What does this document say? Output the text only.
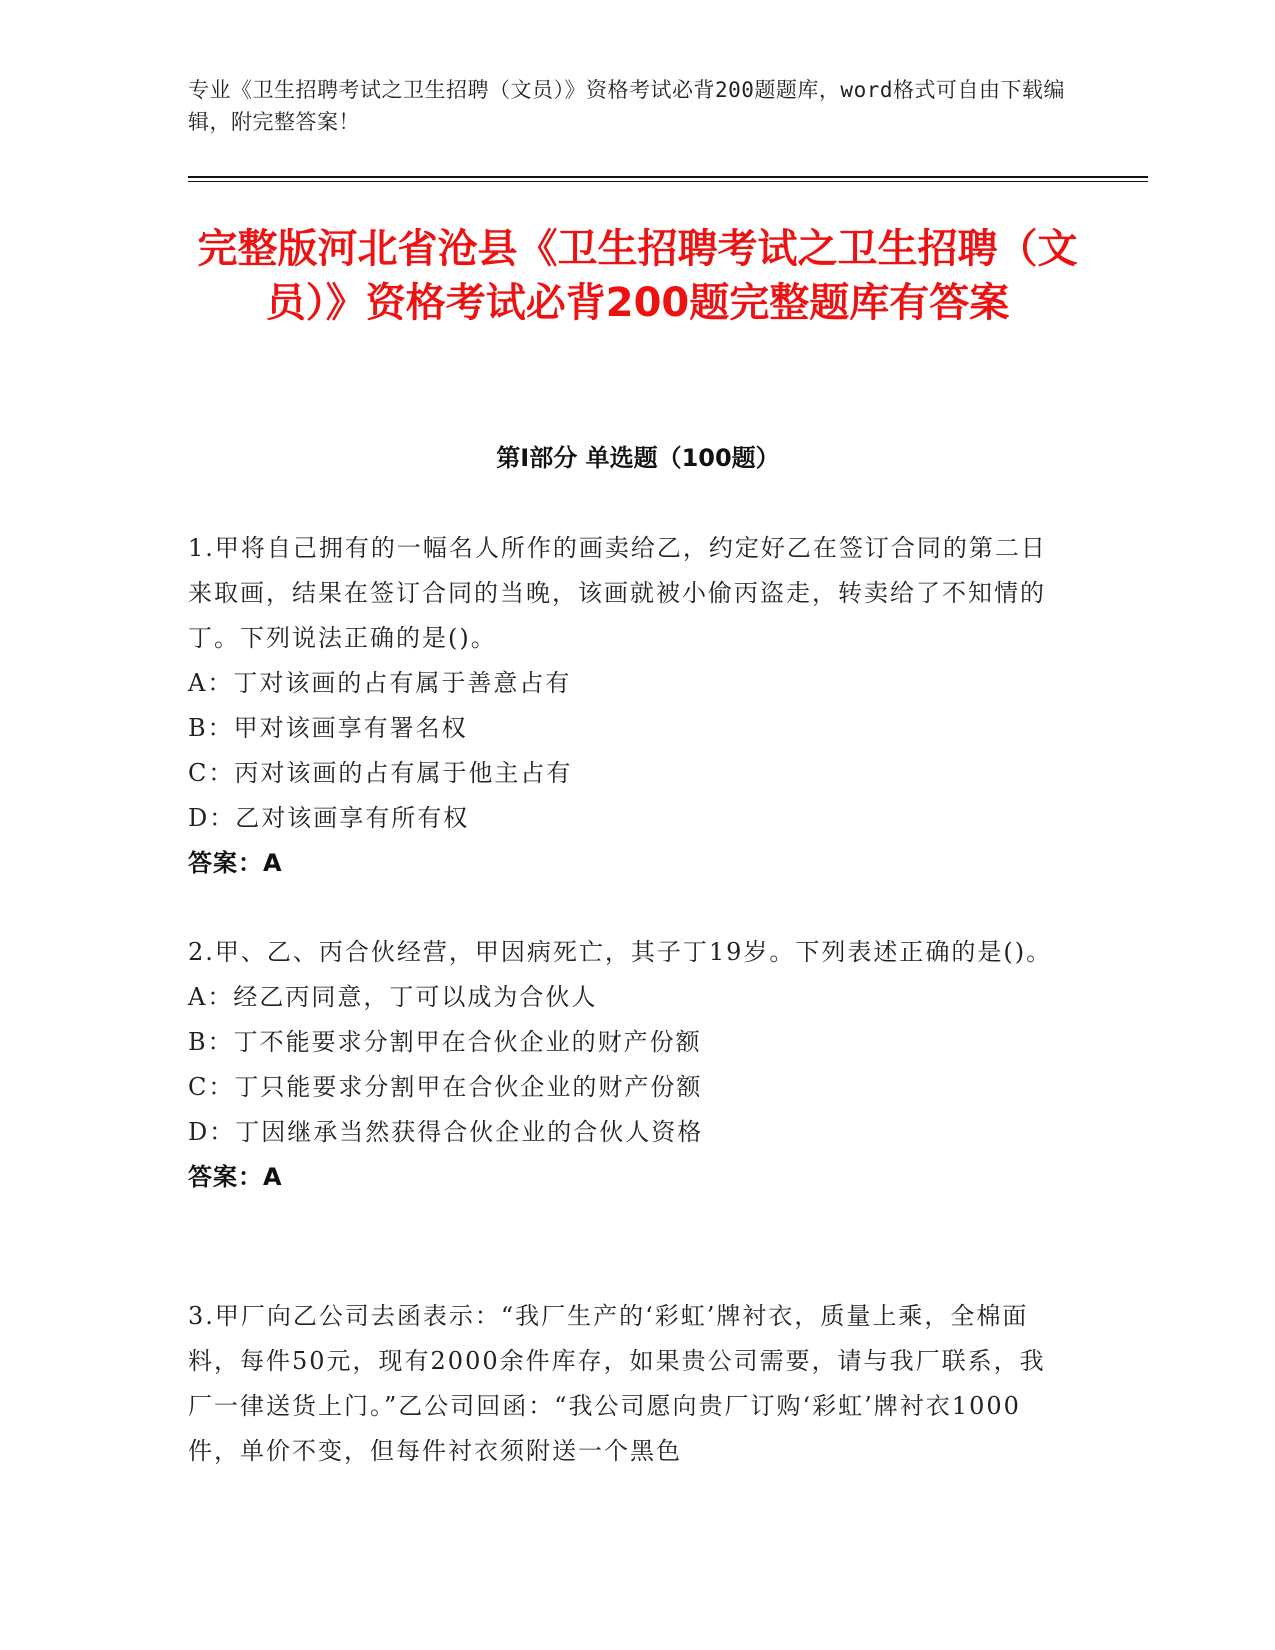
专业《卫生招聘考试之卫生招聘（文员）》资格考试必背200题题库，word格式可自由下载编辑，附完整答案！
完整版河北省沧县《卫生招聘考试之卫生招聘（文员）》资格考试必背200题完整题库有答案
第Ⅰ部分 单选题（100题）
1.甲将自己拥有的一幅名人所作的画卖给乙，约定好乙在签订合同的第二日来取画，结果在签订合同的当晚，该画就被小偷丙盗走，转卖给了不知情的丁。下列说法正确的是()。
A：丁对该画的占有属于善意占有
B：甲对该画享有署名权
C：丙对该画的占有属于他主占有
D：乙对该画享有所有权
答案：A
2.甲、乙、丙合伙经营，甲因病死亡，其子丁19岁。下列表述正确的是()。
A：经乙丙同意，丁可以成为合伙人
B：丁不能要求分割甲在合伙企业的财产份额
C：丁只能要求分割甲在合伙企业的财产份额
D：丁因继承当然获得合伙企业的合伙人资格
答案：A
3.甲厂向乙公司去函表示：“我厂生产的‘彩虹’牌衬衣，质量上乘，全棉面料，每件50元，现有2000余件库存，如果贵公司需要，请与我厂联系，我厂一律送货上门。”乙公司回函：“我公司愿向贵厂订购‘彩虹’牌衬衣1000件，单价不变，但每件衬衣须附送一个黑色
